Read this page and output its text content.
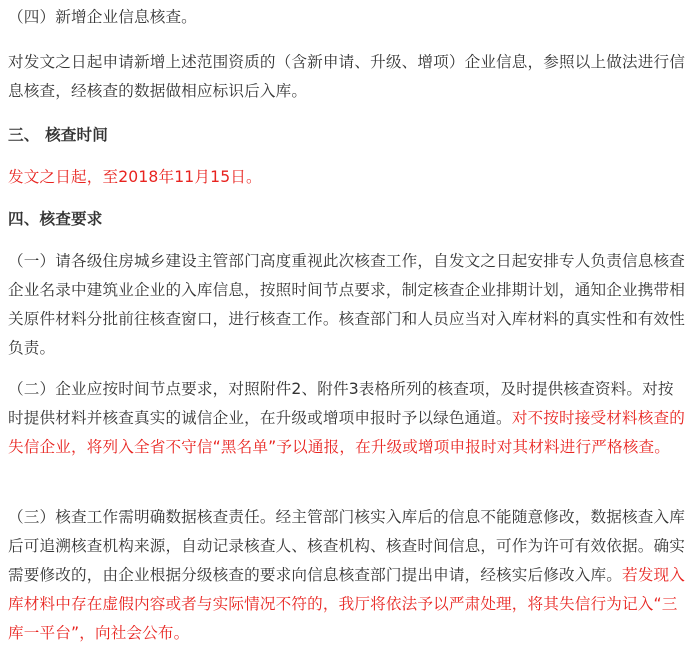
（四）新增企业信息核查。

对发文之日起申请新增上述范围资质的（含新申请、升级、增项）企业信息，参照以上做法进行信息核查，经核查的数据做相应标识后入库。

三、 核查时间

发文之日起，至2018年11月15日。

四、核查要求

（一）请各级住房城乡建设主管部门高度重视此次核查工作，自发文之日起安排专人负责信息核查企业名录中建筑业企业的入库信息，按照时间节点要求，制定核查企业排期计划，通知企业携带相关原件材料分批前往核查窗口，进行核查工作。核查部门和人员应当对入库材料的真实性和有效性负责。

（二）企业应按时间节点要求，对照附件2、附件3表格所列的核查项，及时提供核查资料。对按时提供材料并核查真实的诚信企业，在升级或增项申报时予以绿色通道。对不按时接受材料核查的失信企业，将列入全省不守信“黑名单”予以通报，在升级或增项申报时对其材料进行严格核查。

（三）核查工作需明确数据核查责任。经主管部门核实入库后的信息不能随意修改，数据核查入库后可追溯核查机构来源，自动记录核查人、核查机构、核查时间信息，可作为许可有效依据。确实需要修改的，由企业根据分级核查的要求向信息核查部门提出申请，经核实后修改入库。若发现入库材料中存在虚假内容或者与实际情况不符的，我厅将依法予以严肃处理，将其失信行为记入“三库一平台”，向社会公布。
